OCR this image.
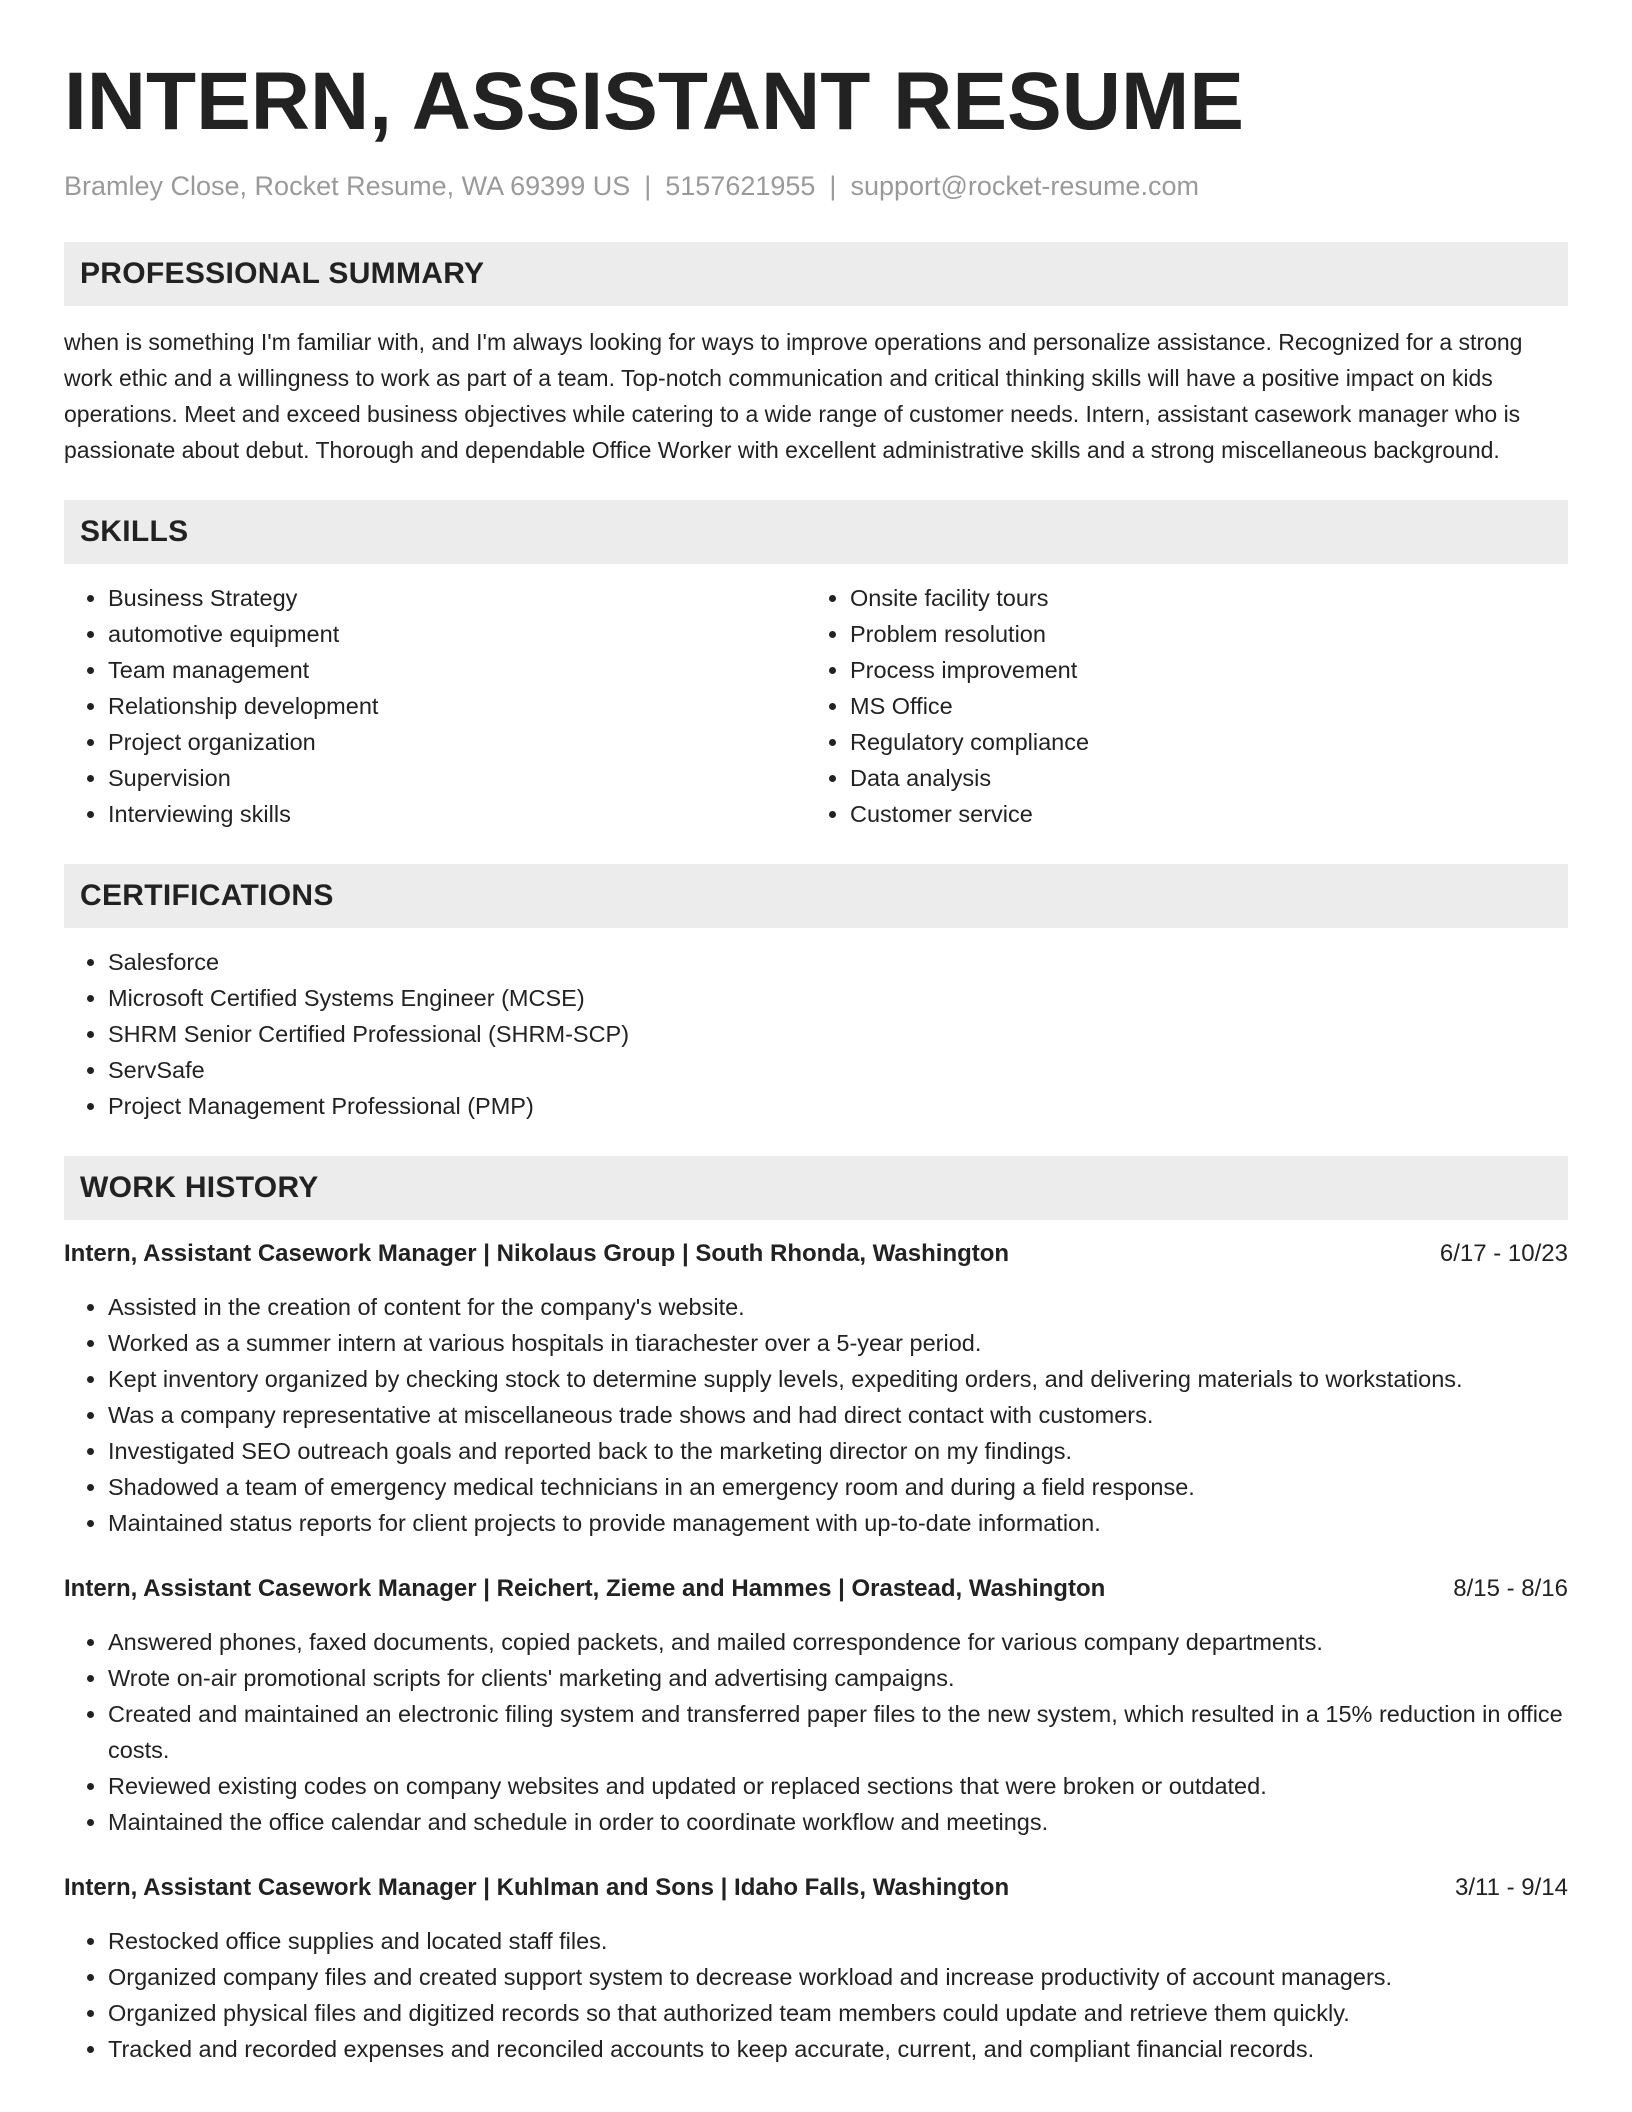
INTERN, ASSISTANT RESUME
Bramley Close, Rocket Resume, WA 69399 US | 5157621955 | support@rocket-resume.com
PROFESSIONAL SUMMARY

when is something I'm familiar with, and I'm always looking for ways to improve operations and personalize assistance. Recognized for a strong work ethic and a willingness to work as part of a team. Top-notch communication and critical thinking skills will have a positive impact on kids operations. Meet and exceed business objectives while catering to a wide range of customer needs. Intern, assistant casework manager who is passionate about debut. Thorough and dependable Office Worker with excellent administrative skills and a strong miscellaneous background.

SKILLS
• Business Strategy
• automotive equipment
• Team management
• Relationship development
• Project organization
• Supervision
• Interviewing skills
• Onsite facility tours
• Problem resolution
• Process improvement
• MS Office
• Regulatory compliance
• Data analysis
• Customer service
CERTIFICATIONS
• Salesforce
• Microsoft Certified Systems Engineer (MCSE)
• SHRM Senior Certified Professional (SHRM-SCP)
• ServSafe
• Project Management Professional (PMP)
WORK HISTORY
Intern, Assistant Casework Manager | Nikolaus Group | South Rhonda, Washington	6/17 - 10/23
• Assisted in the creation of content for the company's website.
• Worked as a summer intern at various hospitals in tiarachester over a 5-year period.
• Kept inventory organized by checking stock to determine supply levels, expediting orders, and delivering materials to workstations.
• Was a company representative at miscellaneous trade shows and had direct contact with customers.
• Investigated SEO outreach goals and reported back to the marketing director on my findings.
• Shadowed a team of emergency medical technicians in an emergency room and during a field response.
• Maintained status reports for client projects to provide management with up-to-date information.
Intern, Assistant Casework Manager | Reichert, Zieme and Hammes | Orastead, Washington	8/15 - 8/16
• Answered phones, faxed documents, copied packets, and mailed correspondence for various company departments.
• Wrote on-air promotional scripts for clients' marketing and advertising campaigns.
• Created and maintained an electronic filing system and transferred paper files to the new system, which resulted in a 15% reduction in office costs.
• Reviewed existing codes on company websites and updated or replaced sections that were broken or outdated.
• Maintained the office calendar and schedule in order to coordinate workflow and meetings.
Intern, Assistant Casework Manager | Kuhlman and Sons | Idaho Falls, Washington	3/11 - 9/14
• Restocked office supplies and located staff files.
• Organized company files and created support system to decrease workload and increase productivity of account managers.
• Organized physical files and digitized records so that authorized team members could update and retrieve them quickly.
• Tracked and recorded expenses and reconciled accounts to keep accurate, current, and compliant financial records.
